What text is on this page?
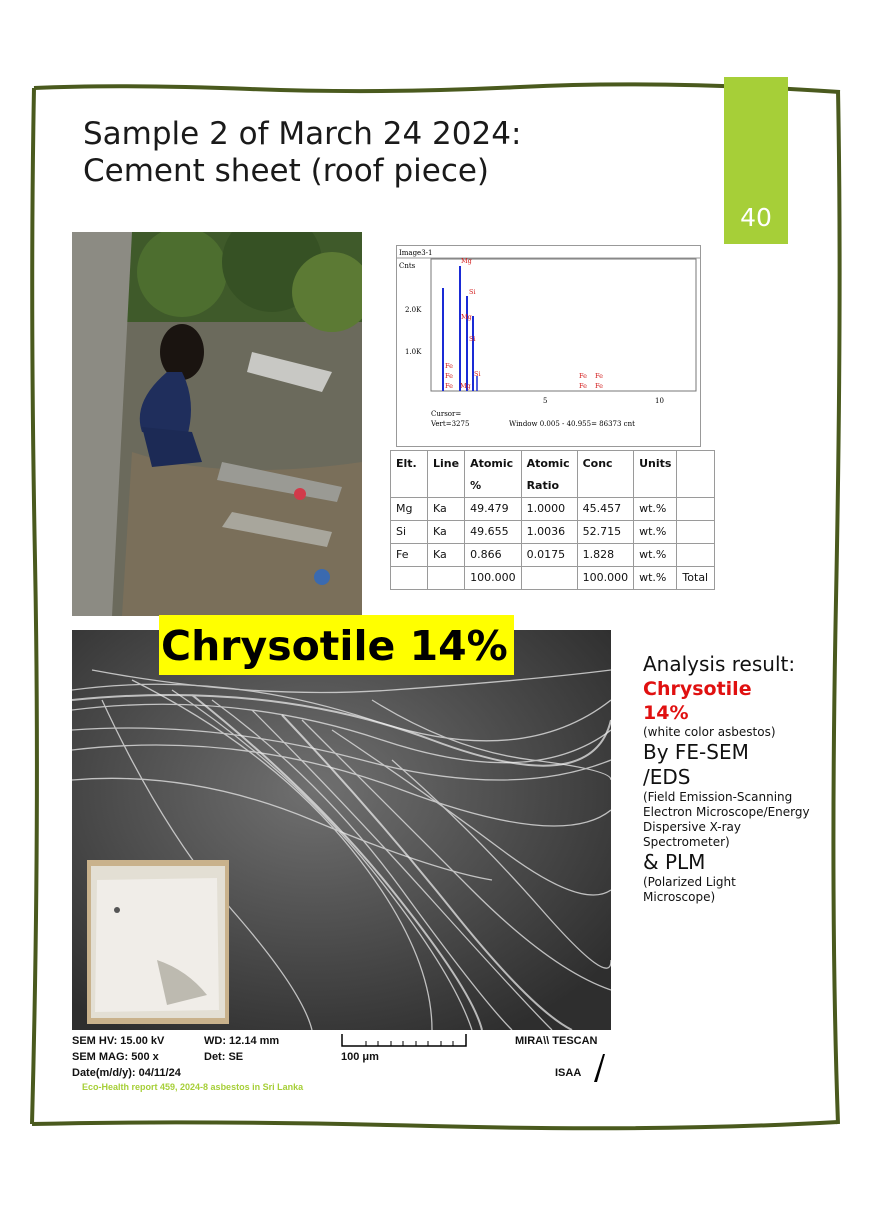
40
Sample 2 of March 24 2024:
Cement sheet (roof piece)
Image3-1
Cnts
2.0K
1.0K
Mg
Mg
Si
Si
Fe
Fe
Fe
Fe Fe
Fe Fe
Mg
Si
5	10
Cursor=
Vert=3275	Window 0.005 - 40.955= 86373 cnt
Elt.	Line	Atomic %	Atomic Ratio	Conc	Units	
Mg	Ka	49.479	1.0000	45.457	wt.%	
Si	Ka	49.655	1.0036	52.715	wt.%	
Fe	Ka	0.866	0.0175	1.828	wt.%	
		100.000		100.000	wt.%	Total
Chrysotile 14%
SEM HV: 15.00 kV	WD: 12.14 mm
SEM MAG: 500 x	Det: SE
Date(m/d/y): 04/11/24
100 μm
MIRA\\ TESCAN
ISAA
Analysis result:
Chrysotile
14%
(white color asbestos)
By FE-SEM
/EDS
(Field Emission-Scanning Electron Microscope/Energy Dispersive X-ray Spectrometer)
& PLM
(Polarized Light Microscope)
Eco-Health report 459, 2024-8 asbestos in Sri Lanka
